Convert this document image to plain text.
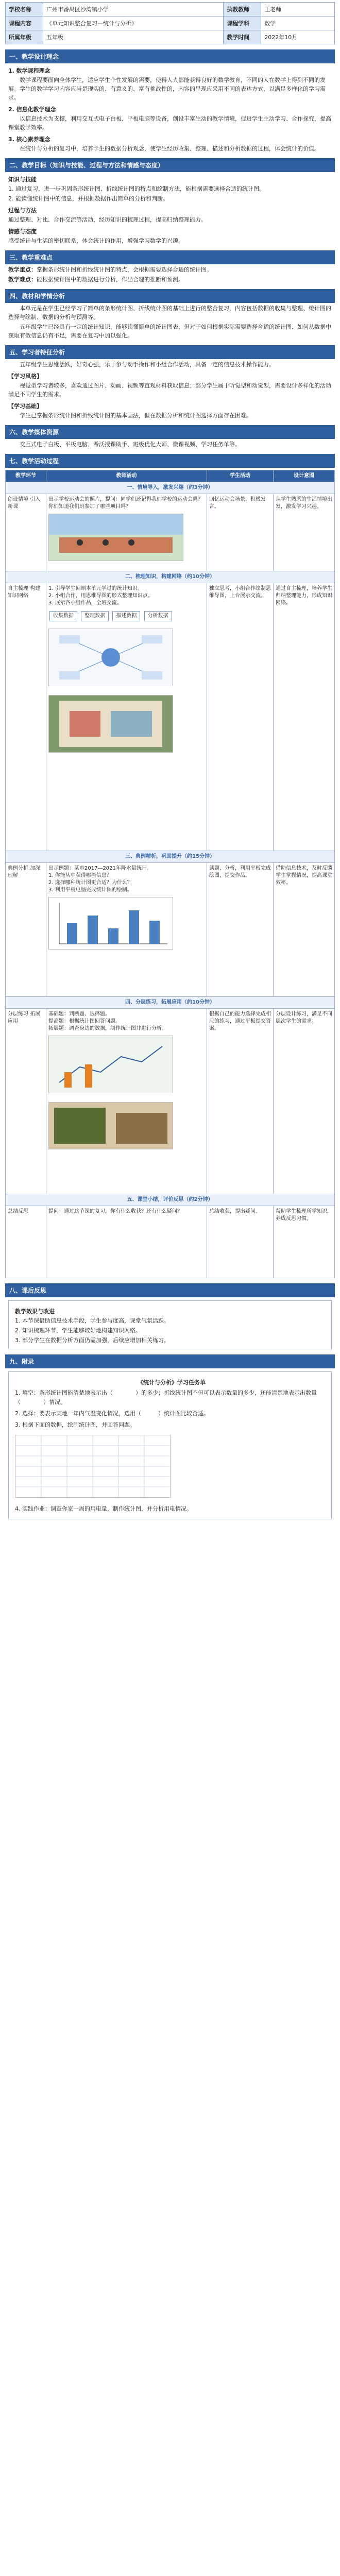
学校名称	广州市番禺区沙湾镇小学	执教教师	王老师
课程内容	《单元知识整合复习—统计与分析》	课程学科	数学
所属年级	五年级	教学时间	2022年10月
一、教学设计理念
1. 数学课程理念
数学课程要面向全体学生，适应学生个性发展的需要，使得人人都能获得良好的数学教育，不同的人在数学上得到不同的发展。学生的数学学习内容应当是现实的、有意义的、富有挑战性的，内容的呈现应采用不同的表达方式，以满足多样化的学习需求。
2. 信息化教学理念
以信息技术为支撑，利用交互式电子白板、平板电脑等设备，创设丰富生动的教学情境，促进学生主动学习、合作探究，提高课堂教学效率。
3. 核心素养理念
在统计与分析的复习中，培养学生的数据分析观念，使学生经历收集、整理、描述和分析数据的过程，体会统计的价值。
二、教学目标（知识与技能、过程与方法和情感与态度）
知识与技能
1. 通过复习，进一步巩固条形统计图、折线统计图的特点和绘制方法，能根据需要选择合适的统计图。
2. 能读懂统计图中的信息，并根据数据作出简单的分析和判断。
过程与方法
通过整理、对比、合作交流等活动，经历知识的梳理过程，提高归纳整理能力。
情感与态度
感受统计与生活的密切联系，体会统计的作用，增强学习数学的兴趣。
三、教学重难点
教学重点：掌握条形统计图和折线统计图的特点，会根据需要选择合适的统计图。
教学难点：能根据统计图中的数据进行分析，作出合理的推断和预测。
四、教材和学情分析
本单元是在学生已经学习了简单的条形统计图、折线统计图的基础上进行的整合复习，内容包括数据的收集与整理、统计图的选择与绘制、数据的分析与预测等。
五年级学生已经具有一定的统计知识，能够读懂简单的统计图表，但对于如何根据实际需要选择合适的统计图、如何从数据中获取有效信息仍有不足，需要在复习中加以强化。
五、学习者特征分析
五年级学生思维活跃，好奇心强，乐于参与动手操作和小组合作活动，具备一定的信息技术操作能力。
【学习风格】
视觉型学习者较多，喜欢通过图片、动画、视频等直观材料获取信息；部分学生属于听觉型和动觉型，需要设计多样化的活动满足不同学生的需求。
【学习基础】
学生已掌握条形统计图和折线统计图的基本画法，但在数据分析和统计图选择方面存在困难。
六、教学媒体资源
交互式电子白板、平板电脑、希沃授课助手、班级优化大师、微课视频、学习任务单等。
七、教学活动过程
教学环节	教师活动	学生活动	设计意图
一、情境导入，激发兴趣（约3分钟）			
创设情境 引入新课	出示学校运动会的照片，提问：同学们还记得我们学校的运动会吗？你们知道我们班参加了哪些项目吗？	回忆运动会场景，积极发言。	从学生熟悉的生活情境出发，激发学习兴趣。
二、梳理知识，构建网络（约10分钟）			
自主梳理 构建知识网络	1. 引导学生回顾本单元学过的统计知识。
2. 小组合作，用思维导图的形式整理知识点。
3. 展示各小组作品，全班交流。
收集数据 整理数据 描述数据 分析数据	独立思考，小组合作绘制思维导图，上台展示交流。	通过自主梳理，培养学生归纳整理能力，形成知识网络。
三、典例精析，巩固提升（约15分钟）			
典例分析 加深理解	出示例题：某市2017—2021年降水量统计。
1. 你能从中获得哪些信息？
2. 选择哪种统计图更合适？为什么？
3. 利用平板电脑完成统计图的绘制。	读题、分析，利用平板完成绘图，提交作品。	借助信息技术，及时反馈学生掌握情况，提高课堂效率。
四、分层练习，拓展应用（约10分钟）			
分层练习 拓展应用	基础题：判断题、选择题。
提高题：根据统计图回答问题。
拓展题：调查身边的数据，制作统计图并进行分析。	根据自己的能力选择完成相应的练习，通过平板提交答案。	分层设计练习，满足不同层次学生的需求。
五、课堂小结，评价反思（约2分钟）			
总结反思	提问：通过这节课的复习，你有什么收获？还有什么疑问？	总结收获，提出疑问。	帮助学生梳理所学知识，养成反思习惯。
八、课后反思
教学效果与改进
1. 本节课借助信息技术手段，学生参与度高，课堂气氛活跃。
2. 知识梳理环节，学生能够较好地构建知识网络。
3. 部分学生在数据分析方面仍需加强，后续应增加相关练习。
九、附录
《统计与分析》学习任务单
1. 填空：条形统计图能清楚地表示出（　　　　）的多少；折线统计图不但可以表示数量的多少，还能清楚地表示出数量（　　　　）情况。
2. 选择：要表示某地一年内气温变化情况，选用（　　　）统计图比较合适。
3. 根据下面的数据，绘制统计图，并回答问题。
4. 实践作业：调查你家一周的用电量，制作统计图，并分析用电情况。
